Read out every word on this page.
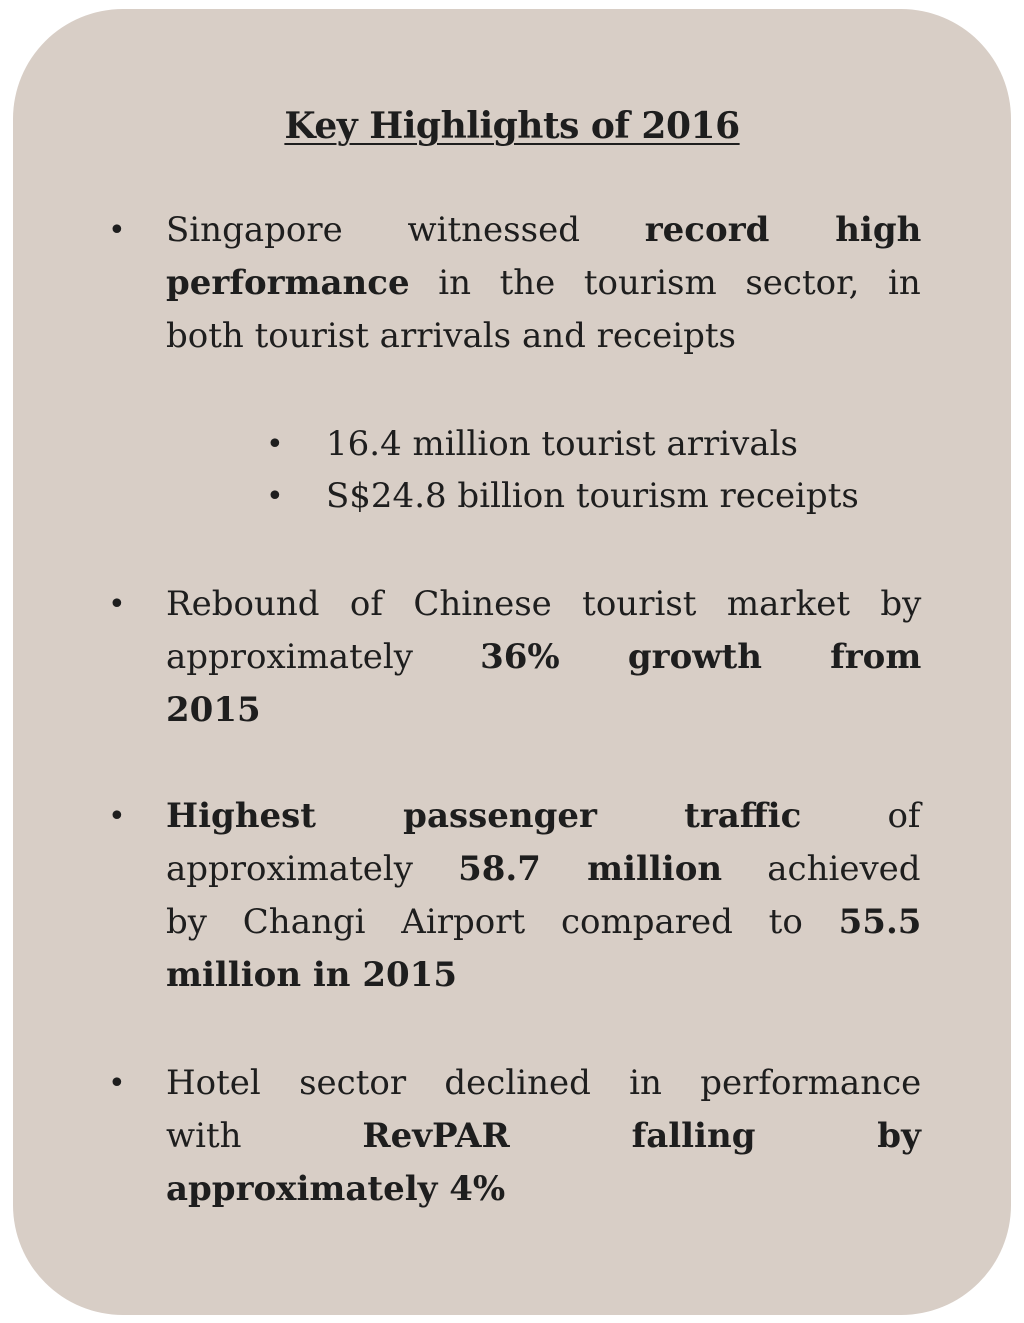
Key Highlights of 2016
• Singapore witnessed record high
performance in the tourism sector, in
both tourist arrivals and receipts
• 16.4 million tourist arrivals
• S$24.8 billion tourism receipts
• Rebound of Chinese tourist market by
approximately 36% growth from
2015
• Highest passenger traffic of
approximately 58.7 million achieved
by Changi Airport compared to 55.5
million in 2015
• Hotel sector declined in performance
with RevPAR falling by
approximately 4%
